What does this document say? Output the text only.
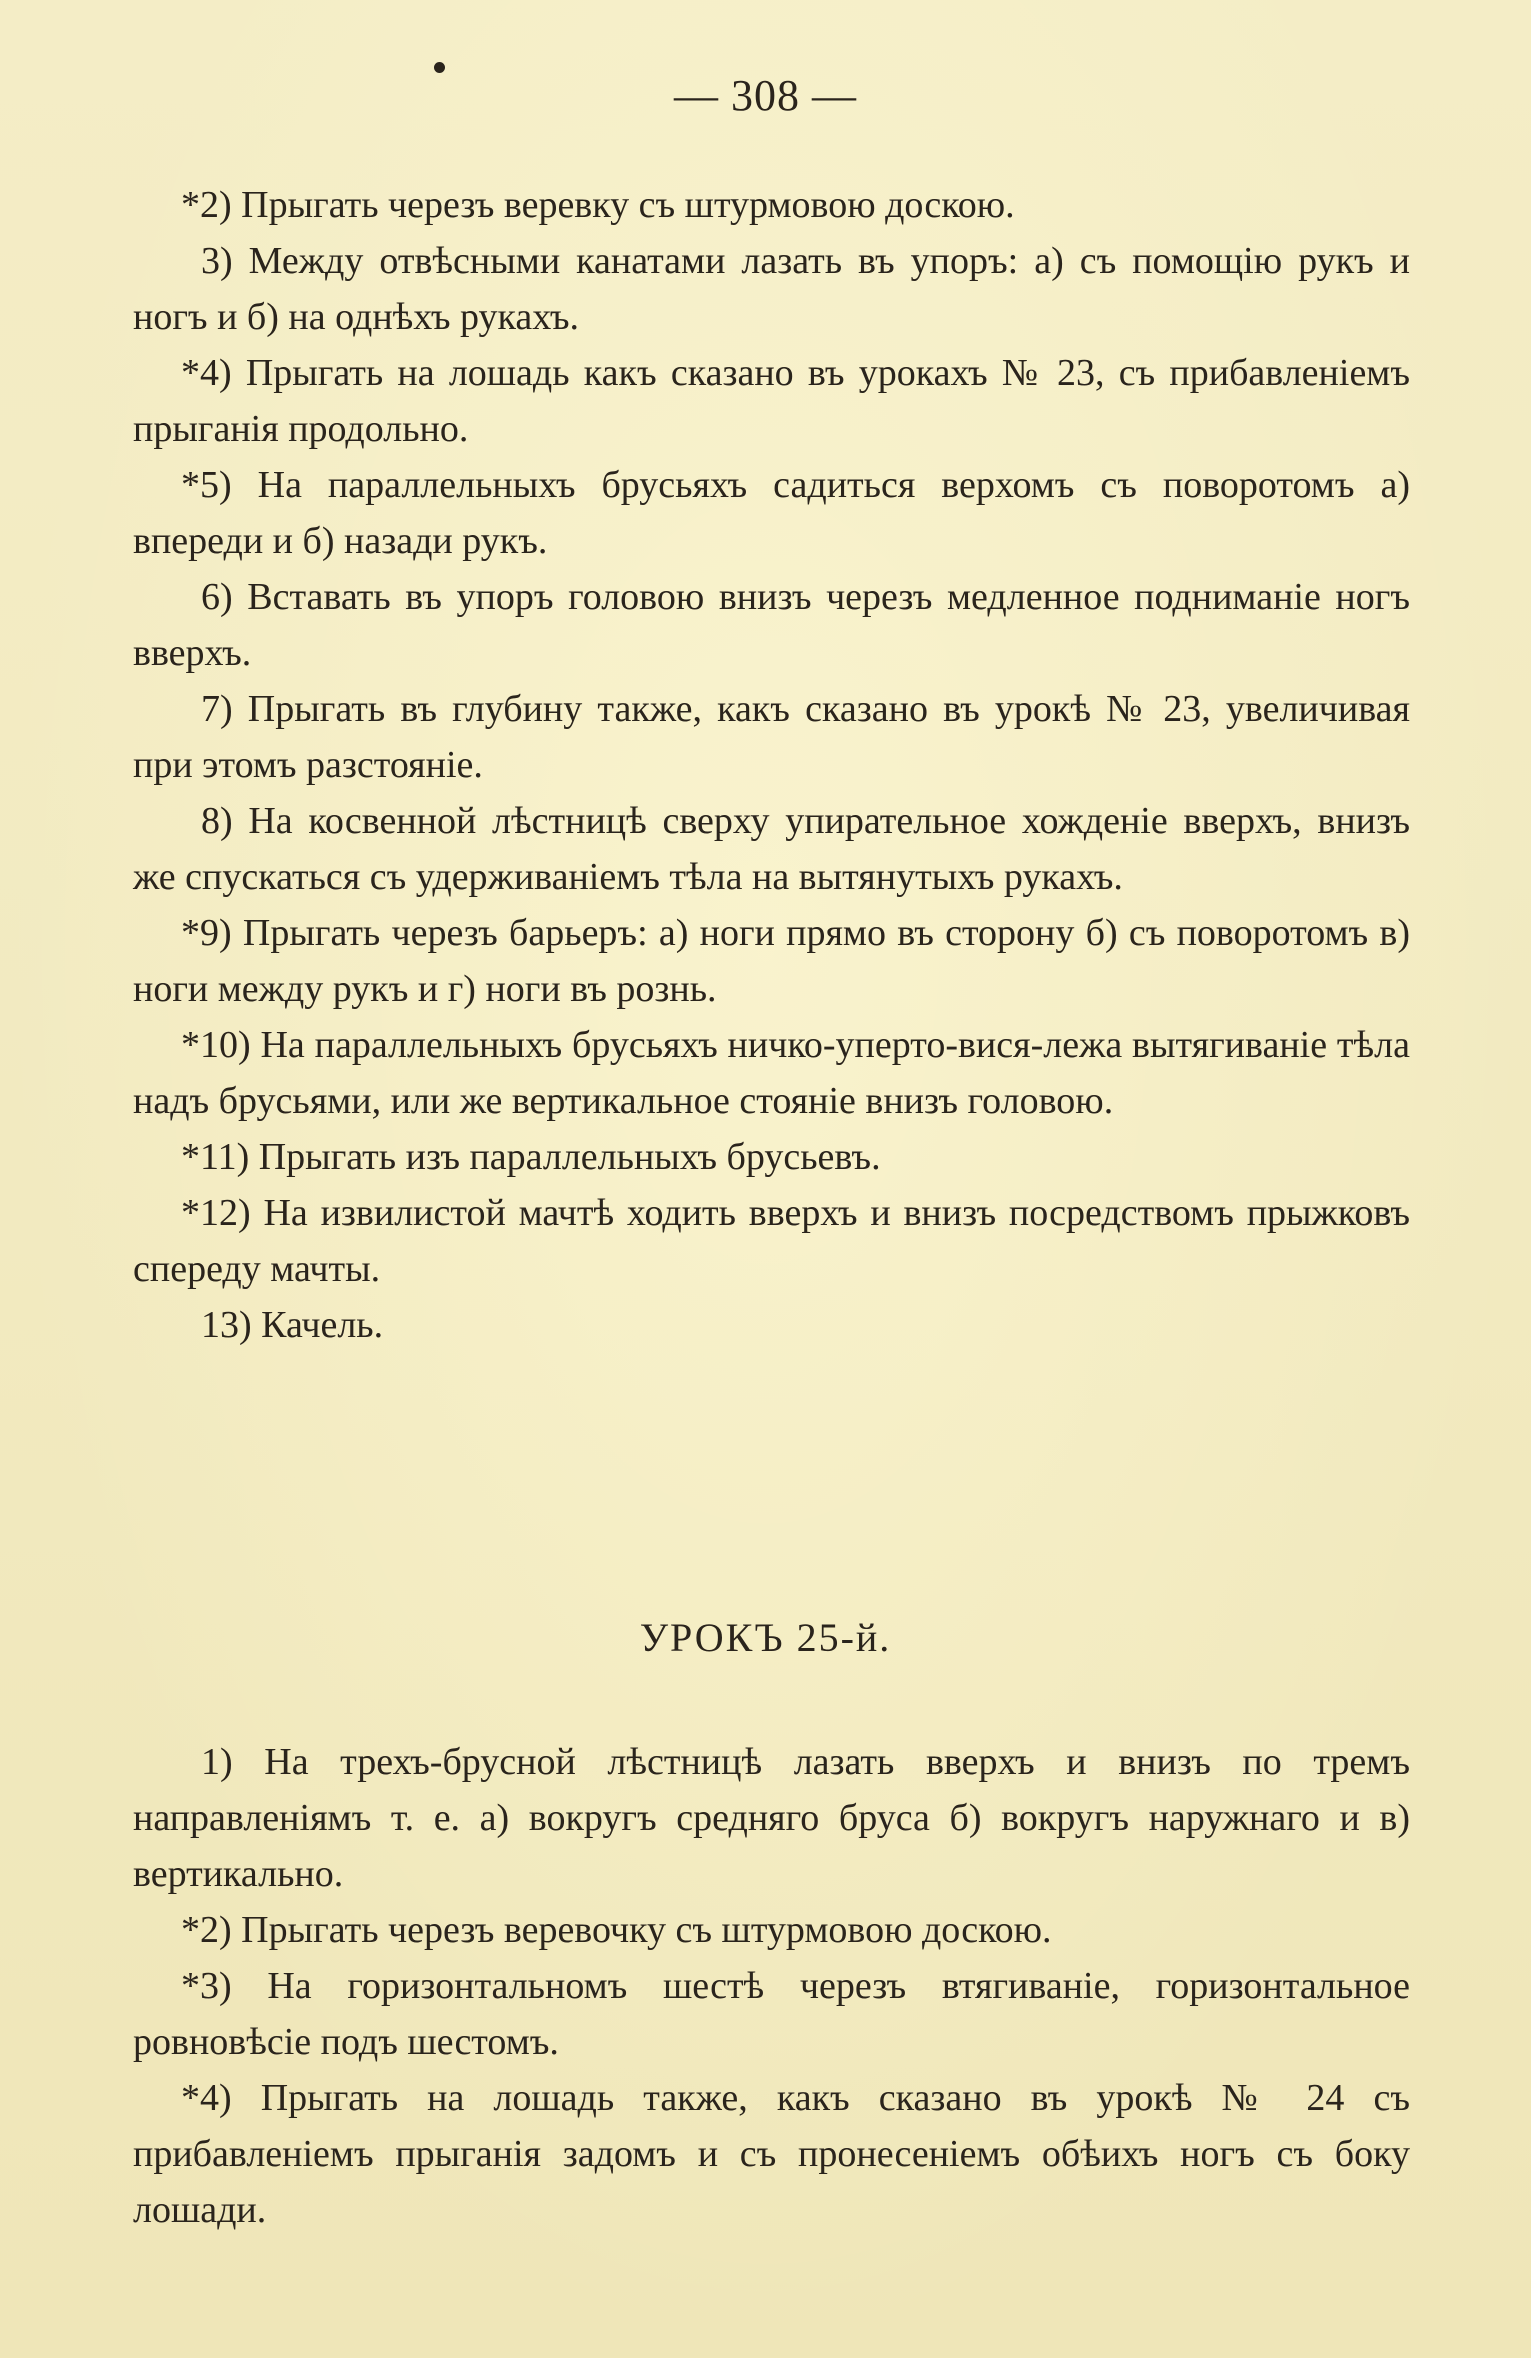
— 308 —

*2) Прыгать черезъ веревку съ штурмовою доскою.

3) Между отвѣсными канатами лазать въ упоръ: а) съ помощію рукъ и ногъ и б) на однѣхъ рукахъ.

*4) Прыгать на лошадь какъ сказано въ урокахъ № 23, съ прибавленіемъ прыганія продольно.

*5) На параллельныхъ брусьяхъ садиться верхомъ съ поворотомъ а) впереди и б) назади рукъ.

6) Вставать въ упоръ головою внизъ черезъ медленное подниманіе ногъ вверхъ.

7) Прыгать въ глубину также, какъ сказано въ урокѣ № 23, увеличивая при этомъ разстояніе.

8) На косвенной лѣстницѣ сверху упирательное хожденіе вверхъ, внизъ же спускаться съ удерживаніемъ тѣла на вытянутыхъ рукахъ.

*9) Прыгать черезъ барьеръ: а) ноги прямо въ сторону б) съ поворотомъ в) ноги между рукъ и г) ноги въ рознь.

*10) На параллельныхъ брусьяхъ ничко-уперто-вися-лежа вытягиваніе тѣла надъ брусьями, или же вертикальное стояніе внизъ головою.

*11) Прыгать изъ параллельныхъ брусьевъ.

*12) На извилистой мачтѣ ходить вверхъ и внизъ посредствомъ прыжковъ спереду мачты.

13) Качель.

УРОКЪ 25-й.

1) На трехъ-брусной лѣстницѣ лазать вверхъ и внизъ по тремъ направленіямъ т. е. а) вокругъ средняго бруса б) вокругъ наружнаго и в) вертикально.

*2) Прыгать черезъ веревочку съ штурмовою доскою.

*3) На горизонтальномъ шестѣ черезъ втягиваніе, горизонтальное ровновѣсіе подъ шестомъ.

*4) Прыгать на лошадь также, какъ сказано въ урокѣ № 24 съ прибавленіемъ прыганія задомъ и съ пронесеніемъ обѣихъ ногъ съ боку лошади.
